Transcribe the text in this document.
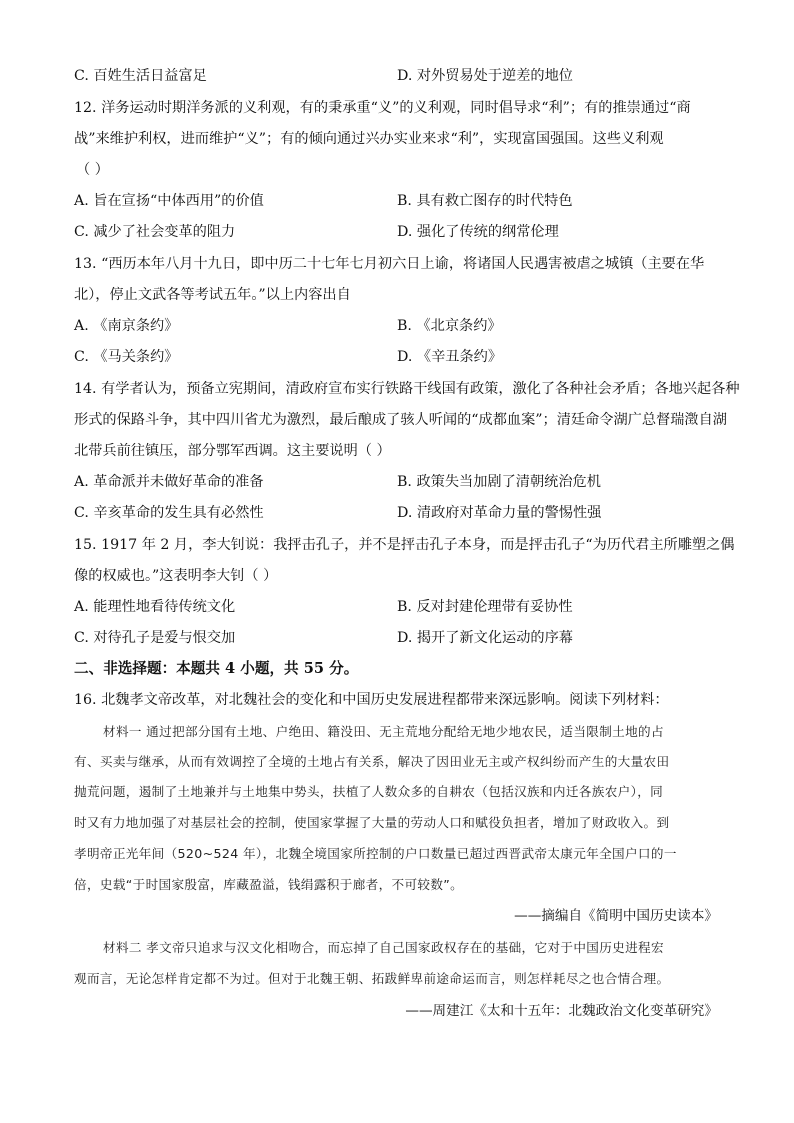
C. 百姓生活日益富足	D. 对外贸易处于逆差的地位
12. 洋务运动时期洋务派的义利观，有的秉承重“义”的义利观，同时倡导求“利”；有的推崇通过“商
战”来维护利权，进而维护“义”；有的倾向通过兴办实业来求“利”，实现富国强国。这些义利观
（ ）
A. 旨在宣扬“中体西用”的价值	B. 具有救亡图存的时代特色
C. 减少了社会变革的阻力	D. 强化了传统的纲常伦理
13. “西历本年八月十九日，即中历二十七年七月初六日上谕，将诸国人民遇害被虐之城镇（主要在华
北），停止文武各等考试五年。”以上内容出自
A. 《南京条约》	B. 《北京条约》
C. 《马关条约》	D. 《辛丑条约》
14. 有学者认为，预备立宪期间，清政府宣布实行铁路干线国有政策，激化了各种社会矛盾；各地兴起各种
形式的保路斗争，其中四川省尤为激烈，最后酿成了骇人听闻的“成都血案”；清廷命令湖广总督瑞澂自湖
北带兵前往镇压，部分鄂军西调。这主要说明（ ）
A. 革命派并未做好革命的准备	B. 政策失当加剧了清朝统治危机
C. 辛亥革命的发生具有必然性	D. 清政府对革命力量的警惕性强
15. 1917 年 2 月，李大钊说：我抨击孔子，并不是抨击孔子本身，而是抨击孔子“为历代君主所雕塑之偶
像的权威也。”这表明李大钊（ ）
A. 能理性地看待传统文化	B. 反对封建伦理带有妥协性
C. 对待孔子是爱与恨交加	D. 揭开了新文化运动的序幕
二、非选择题：本题共 4 小题，共 55 分。
16. 北魏孝文帝改革，对北魏社会的变化和中国历史发展进程都带来深远影响。阅读下列材料：
材料一 通过把部分国有土地、户绝田、籍没田、无主荒地分配给无地少地农民，适当限制土地的占
有、买卖与继承，从而有效调控了全境的土地占有关系，解决了因田业无主或产权纠纷而产生的大量农田
抛荒问题，遏制了土地兼并与土地集中势头，扶植了人数众多的自耕农（包括汉族和内迁各族农户），同
时又有力地加强了对基层社会的控制，使国家掌握了大量的劳动人口和赋役负担者，增加了财政收入。到
孝明帝正光年间（520~524 年），北魏全境国家所控制的户口数量已超过西晋武帝太康元年全国户口的一
倍，史载“于时国家殷富，库藏盈溢，钱绢露积于廊者，不可较数”。
——摘编自《简明中国历史读本》
材料二 孝文帝只追求与汉文化相吻合，而忘掉了自己国家政权存在的基础，它对于中国历史进程宏
观而言，无论怎样肯定都不为过。但对于北魏王朝、拓跋鲜卑前途命运而言，则怎样耗尽之也合情合理。
——周建江《太和十五年：北魏政治文化变革研究》
